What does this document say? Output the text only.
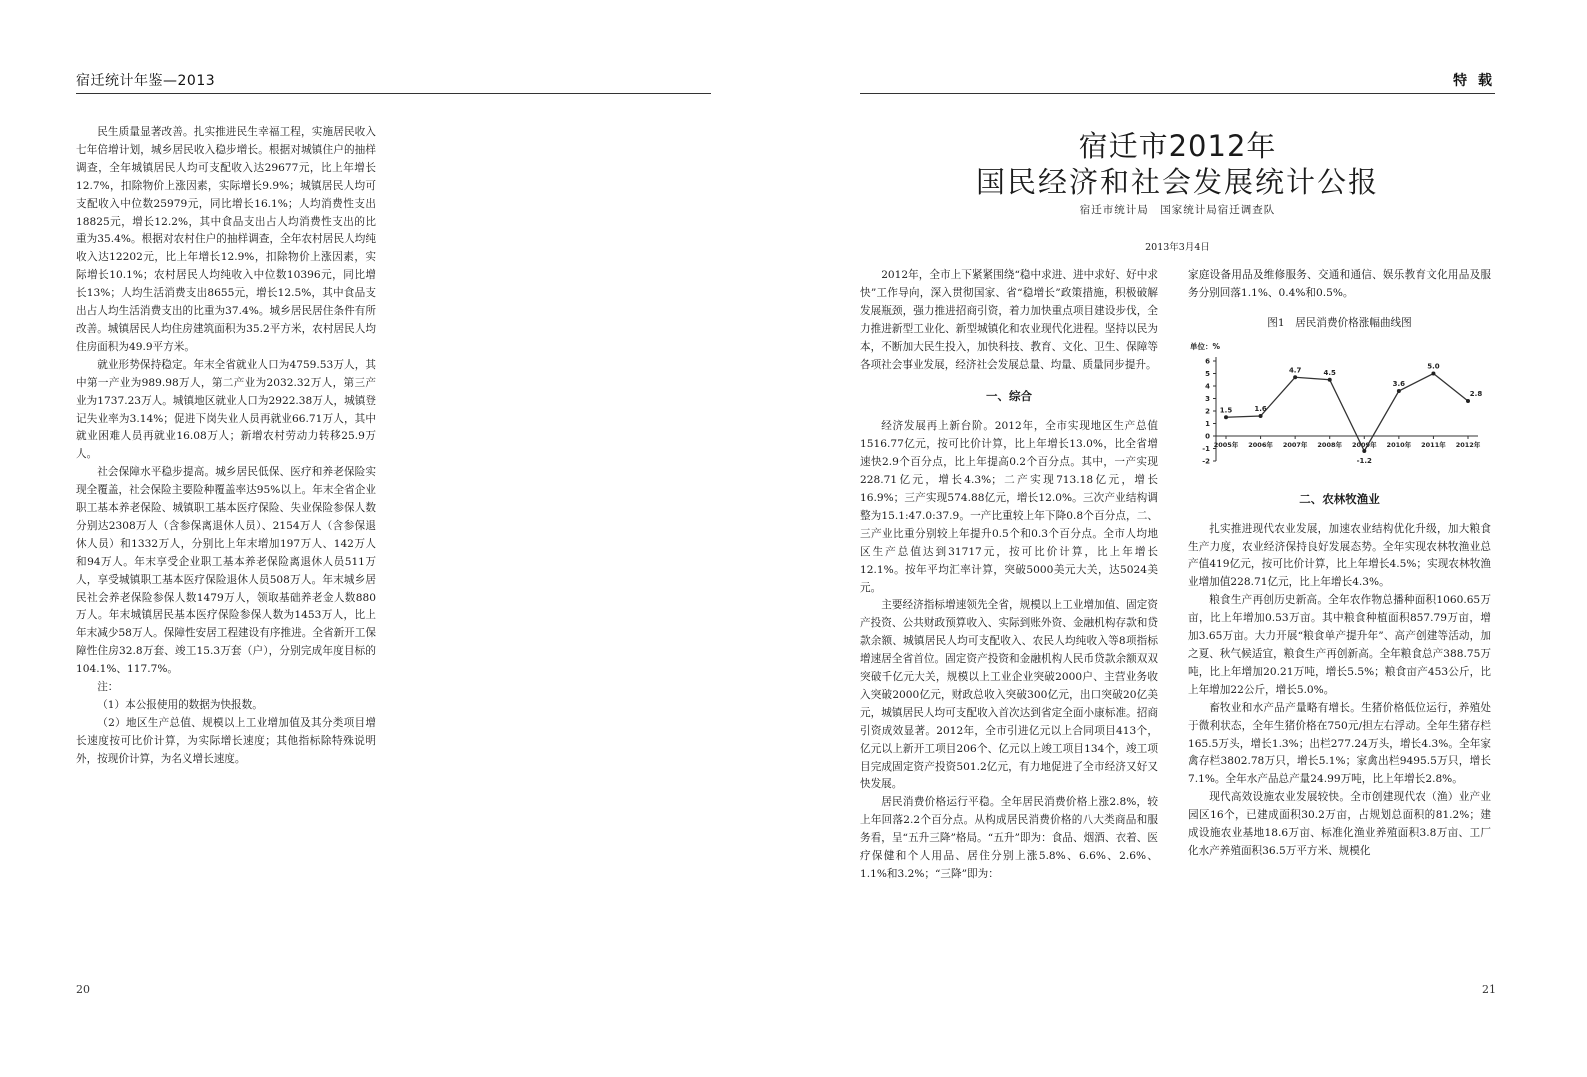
宿迁统计年鉴—2013

民生质量显著改善。扎实推进民生幸福工程，实施居民收入七年倍增计划，城乡居民收入稳步增长。根据对城镇住户的抽样调查，全年城镇居民人均可支配收入达29677元，比上年增长12.7%，扣除物价上涨因素，实际增长9.9%；城镇居民人均可支配收入中位数25979元，同比增长16.1%；人均消费性支出18825元，增长12.2%，其中食品支出占人均消费性支出的比重为35.4%。根据对农村住户的抽样调查，全年农村居民人均纯收入达12202元，比上年增长12.9%，扣除物价上涨因素，实际增长10.1%；农村居民人均纯收入中位数10396元，同比增长13%；人均生活消费支出8655元，增长12.5%，其中食品支出占人均生活消费支出的比重为37.4%。城乡居民居住条件有所改善。城镇居民人均住房建筑面积为35.2平方米，农村居民人均住房面积为49.9平方米。

就业形势保持稳定。年末全省就业人口为4759.53万人，其中第一产业为989.98万人，第二产业为2032.32万人，第三产业为1737.23万人。城镇地区就业人口为2922.38万人，城镇登记失业率为3.14%；促进下岗失业人员再就业66.71万人，其中就业困难人员再就业16.08万人；新增农村劳动力转移25.9万人。

社会保障水平稳步提高。城乡居民低保、医疗和养老保险实现全覆盖，社会保险主要险种覆盖率达95%以上。年末全省企业职工基本养老保险、城镇职工基本医疗保险、失业保险参保人数分别达2308万人（含参保离退休人员）、2154万人（含参保退休人员）和1332万人，分别比上年末增加197万人、142万人和94万人。年末享受企业职工基本养老保险离退休人员511万人，享受城镇职工基本医疗保险退休人员508万人。年末城乡居民社会养老保险参保人数1479万人，领取基础养老金人数880万人。年末城镇居民基本医疗保险参保人数为1453万人，比上年末减少58万人。保障性安居工程建设有序推进。全省新开工保障性住房32.8万套、竣工15.3万套（户），分别完成年度目标的104.1%、117.7%。

注：

（1）本公报使用的数据为快报数。

（2）地区生产总值、规模以上工业增加值及其分类项目增长速度按可比价计算，为实际增长速度；其他指标除特殊说明外，按现价计算，为名义增长速度。

20
特 载
宿迁市2012年
国民经济和社会发展统计公报
宿迁市统计局　国家统计局宿迁调查队
2013年3月4日

2012年，全市上下紧紧围绕“稳中求进、进中求好、好中求快”工作导向，深入贯彻国家、省“稳增长”政策措施，积极破解发展瓶颈，强力推进招商引资，着力加快重点项目建设步伐，全力推进新型工业化、新型城镇化和农业现代化进程。坚持以民为本，不断加大民生投入，加快科技、教育、文化、卫生、保障等各项社会事业发展，经济社会发展总量、均量、质量同步提升。

一、综合

经济发展再上新台阶。2012年，全市实现地区生产总值1516.77亿元，按可比价计算，比上年增长13.0%，比全省增速快2.9个百分点，比上年提高0.2个百分点。其中，一产实现228.71亿元，增长4.3%；二产实现713.18亿元，增长16.9%；三产实现574.88亿元，增长12.0%。三次产业结构调整为15.1:47.0:37.9。一产比重较上年下降0.8个百分点，二、三产业比重分别较上年提升0.5个和0.3个百分点。全市人均地区生产总值达到31717元，按可比价计算，比上年增长12.1%。按年平均汇率计算，突破5000美元大关，达5024美元。

主要经济指标增速领先全省，规模以上工业增加值、固定资产投资、公共财政预算收入、实际到账外资、金融机构存款和贷款余额、城镇居民人均可支配收入、农民人均纯收入等8项指标增速居全省首位。固定资产投资和金融机构人民币贷款余额双双突破千亿元大关，规模以上工业企业突破2000户、主营业务收入突破2000亿元，财政总收入突破300亿元，出口突破20亿美元，城镇居民人均可支配收入首次达到省定全面小康标准。招商引资成效显著。2012年，全市引进亿元以上合同项目413个，亿元以上新开工项目206个、亿元以上竣工项目134个，竣工项目完成固定资产投资501.2亿元，有力地促进了全市经济又好又快发展。

居民消费价格运行平稳。全年居民消费价格上涨2.8%，较上年回落2.2个百分点。从构成居民消费价格的八大类商品和服务看，呈“五升三降”格局。“五升”即为：食品、烟酒、衣着、医疗保健和个人用品、居住分别上涨5.8%、6.6%、2.6%、1.1%和3.2%；“三降”即为：

家庭设备用品及维修服务、交通和通信、娱乐教育文化用品及服务分别回落1.1%、0.4%和0.5%。

图1　居民消费价格涨幅曲线图
单位：%
6
5
4
3
2
1
0
-1
-2
2005年 2006年 2007年 2008年 2009年 2010年 2011年 2012年
1.5	1.6
4.7	4.5
-1.2
3.6
5.0
2.8
二、农林牧渔业

扎实推进现代农业发展，加速农业结构优化升级，加大粮食生产力度，农业经济保持良好发展态势。全年实现农林牧渔业总产值419亿元，按可比价计算，比上年增长4.5%；实现农林牧渔业增加值228.71亿元，比上年增长4.3%。

粮食生产再创历史新高。全年农作物总播种面积1060.65万亩，比上年增加0.53万亩。其中粮食种植面积857.79万亩，增加3.65万亩。大力开展“粮食单产提升年”、高产创建等活动，加之夏、秋气候适宜，粮食生产再创新高。全年粮食总产388.75万吨，比上年增加20.21万吨，增长5.5%；粮食亩产453公斤，比上年增加22公斤，增长5.0%。

畜牧业和水产品产量略有增长。生猪价格低位运行，养殖处于微利状态，全年生猪价格在750元/担左右浮动。全年生猪存栏165.5万头，增长1.3%；出栏277.24万头，增长4.3%。全年家禽存栏3802.78万只，增长5.1%；家禽出栏9495.5万只，增长7.1%。全年水产品总产量24.99万吨，比上年增长2.8%。

现代高效设施农业发展较快。全市创建现代农（渔）业产业园区16个，已建成面积30.2万亩，占规划总面积的81.2%；建成设施农业基地18.6万亩、标准化渔业养殖面积3.8万亩、工厂化水产养殖面积36.5万平方米、规模化

21
